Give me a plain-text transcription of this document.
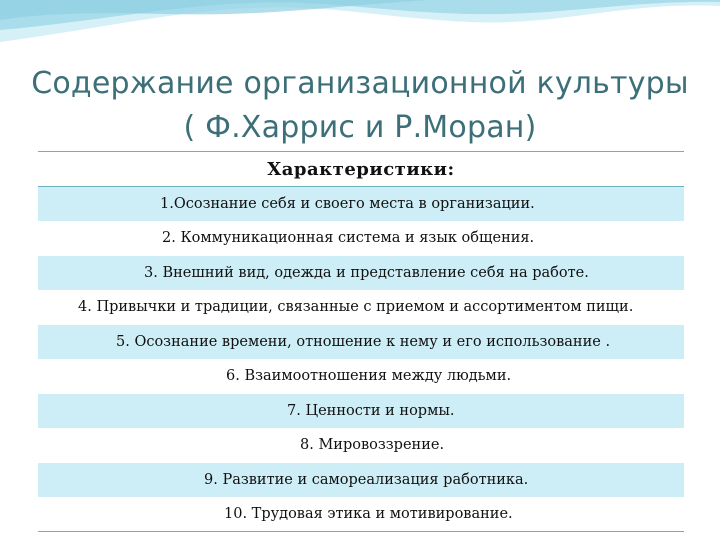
Содержание организационной культуры
( Ф.Харрис и Р.Моран)
Характеристики:
1.Осознание себя и своего места в организации.
2. Коммуникационная система и язык общения.
3. Внешний вид, одежда и представление себя на работе.
4. Привычки и традиции, связанные с приемом и ассортиментом пищи.
5. Осознание времени, отношение к нему и его использование .
6. Взаимоотношения между людьми.
7. Ценности и нормы.
8. Мировоззрение.
9. Развитие и самореализация работника.
10. Трудовая этика и мотивирование.
